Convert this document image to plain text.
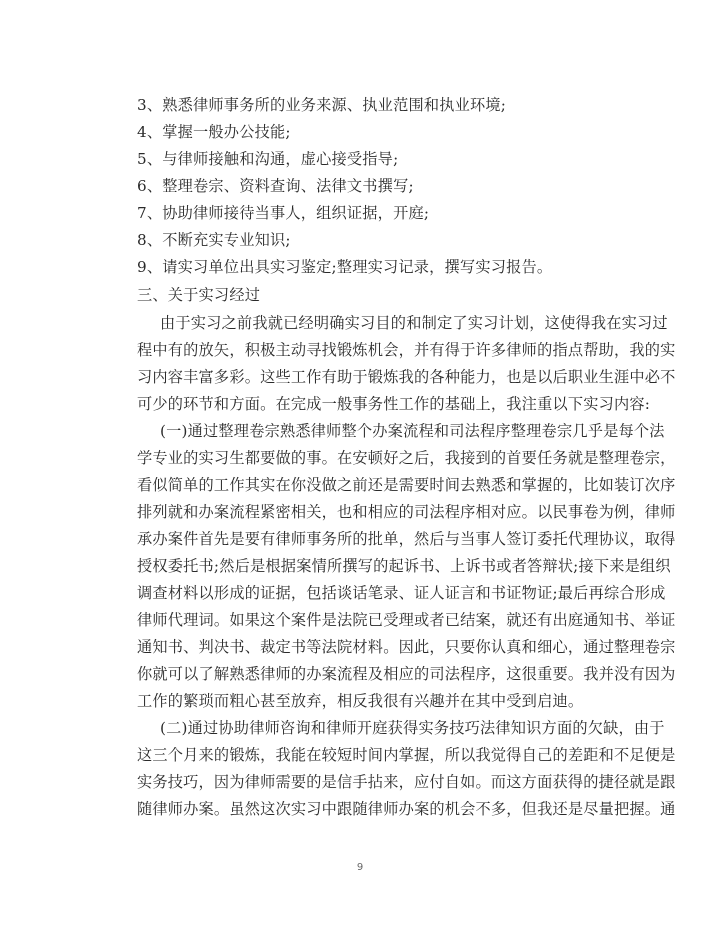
3、熟悉律师事务所的业务来源、执业范围和执业环境;
4、掌握一般办公技能;
5、与律师接触和沟通，虚心接受指导;
6、整理卷宗、资料查询、法律文书撰写;
7、协助律师接待当事人，组织证据，开庭;
8、不断充实专业知识;
9、请实习单位出具实习鉴定;整理实习记录，撰写实习报告。
三、关于实习经过
由于实习之前我就已经明确实习目的和制定了实习计划，这使得我在实习过
程中有的放矢，积极主动寻找锻炼机会，并有得于许多律师的指点帮助，我的实
习内容丰富多彩。这些工作有助于锻炼我的各种能力，也是以后职业生涯中必不
可少的环节和方面。在完成一般事务性工作的基础上，我注重以下实习内容:
(一)通过整理卷宗熟悉律师整个办案流程和司法程序整理卷宗几乎是每个法
学专业的实习生都要做的事。在安顿好之后，我接到的首要任务就是整理卷宗，
看似简单的工作其实在你没做之前还是需要时间去熟悉和掌握的，比如装订次序
排列就和办案流程紧密相关，也和相应的司法程序相对应。以民事卷为例，律师
承办案件首先是要有律师事务所的批单，然后与当事人签订委托代理协议，取得
授权委托书;然后是根据案情所撰写的起诉书、上诉书或者答辩状;接下来是组织
调查材料以形成的证据，包括谈话笔录、证人证言和书证物证;最后再综合形成
律师代理词。如果这个案件是法院已受理或者已结案，就还有出庭通知书、举证
通知书、判决书、裁定书等法院材料。因此，只要你认真和细心，通过整理卷宗
你就可以了解熟悉律师的办案流程及相应的司法程序，这很重要。我并没有因为
工作的繁琐而粗心甚至放弃，相反我很有兴趣并在其中受到启迪。
(二)通过协助律师咨询和律师开庭获得实务技巧法律知识方面的欠缺，由于
这三个月来的锻炼，我能在较短时间内掌握，所以我觉得自己的差距和不足便是
实务技巧，因为律师需要的是信手拈来，应付自如。而这方面获得的捷径就是跟
随律师办案。虽然这次实习中跟随律师办案的机会不多，但我还是尽量把握。通
9
